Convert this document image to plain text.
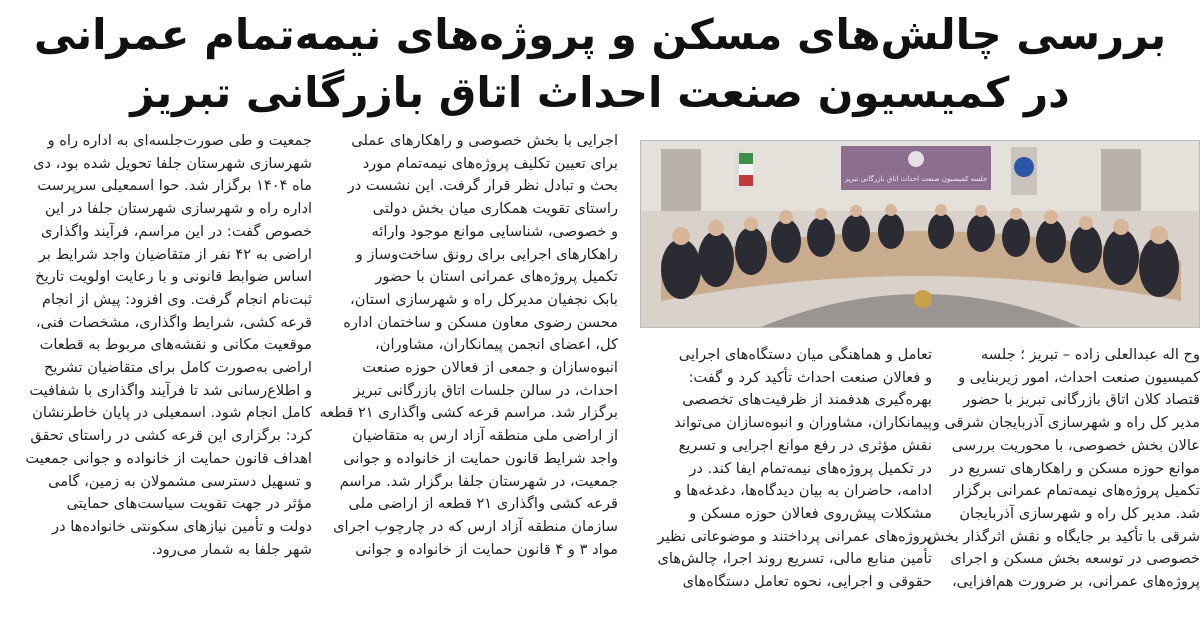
بررسی چالش‌های مسکن و پروژه‌های نیمه‌تمام عمرانی
در کمیسیون صنعت احداث اتاق بازرگانی تبریز
جلسه کمیسیون صنعت احداث اتاق بازرگانی تبریز
وح اله عبدالعلی زاده – تبریز ؛ جلسه
کمیسیون صنعت احداث، امور زیربنایی و
قتصاد کلان اتاق بازرگانی تبریز با حضور
مدیر کل راه و شهرسازی آذربایجان شرقی و
عالان بخش خصوصی، با محوریت بررسی
موانع حوزه مسکن و راهکارهای تسریع در
تکمیل پروژه‌های نیمه‌تمام عمرانی برگزار
شد. مدیر کل راه و شهرسازی آذربایجان
شرقی با تأکید بر جایگاه و نقش اثرگذار بخش
خصوصی در توسعه بخش مسکن و اجرای
پروژه‌های عمرانی، بر ضرورت هم‌افزایی،
تعامل و هماهنگی میان دستگاه‌های اجرایی
و فعالان صنعت احداث تأکید کرد و گفت:
بهره‌گیری هدفمند از ظرفیت‌های تخصصی
پیمانکاران، مشاوران و انبوه‌سازان می‌تواند
نقش مؤثری در رفع موانع اجرایی و تسریع
در تکمیل پروژه‌های نیمه‌تمام ایفا کند. در
ادامه، حاضران به بیان دیدگاه‌ها، دغدغه‌ها و
مشکلات پیش‌روی فعالان حوزه مسکن و
پروژه‌های عمرانی پرداختند و موضوعاتی نظیر
تأمین منابع مالی، تسریع روند اجرا، چالش‌های
حقوقی و اجرایی، نحوه تعامل دستگاه‌های
اجرایی با بخش خصوصی و راهکارهای عملی
برای تعیین تکلیف پروژه‌های نیمه‌تمام مورد
بحث و تبادل نظر قرار گرفت. این نشست در
راستای تقویت همکاری میان بخش دولتی
و خصوصی، شناسایی موانع موجود وارائه
راهکارهای اجرایی برای رونق ساخت‌وساز و
تکمیل پروژه‌های عمرانی استان با حضور
بابک نجفیان مدیرکل راه و شهرسازی استان،
محسن رضوی معاون مسکن و ساختمان اداره
کل، اعضای انجمن پیمانکاران، مشاوران،
انبوه‌سازان و جمعی از فعالان حوزه صنعت
احداث، در سالن جلسات اتاق بازرگانی تبریز
برگزار شد. مراسم قرعه کشی واگذاری ۲۱ قطعه
از اراضی ملی منطقه آزاد ارس به متقاضیان
واجد شرایط قانون حمایت از خانواده و جوانی
جمعیت، در شهرستان جلفا برگزار شد. مراسم
قرعه کشی واگذاری ۲۱ قطعه از اراضی ملی
سازمان منطقه آزاد ارس که در چارچوب اجرای
مواد ۳ و ۴ قانون حمایت از خانواده و جوانی
جمعیت و طی صورت‌جلسه‌ای به اداره راه و
شهرسازی شهرستان جلفا تحویل شده بود، دی
ماه ۱۴۰۴ برگزار شد. حوا اسمعیلی سرپرست
اداره راه و شهرسازی شهرستان جلفا در این
خصوص گفت: در این مراسم، فرآیند واگذاری
اراضی به ۴۲ نفر از متقاضیان واجد شرایط بر
اساس ضوابط قانونی و با رعایت اولویت تاریخ
ثبت‌نام انجام گرفت. وی افزود: پیش از انجام
قرعه کشی، شرایط واگذاری، مشخصات فنی،
موقعیت مکانی و نقشه‌های مربوط به قطعات
اراضی به‌صورت کامل برای متقاضیان تشریح
و اطلاع‌رسانی شد تا فرآیند واگذاری با شفافیت
کامل انجام شود. اسمعیلی در پایان خاطرنشان
کرد: برگزاری این قرعه کشی در راستای تحقق
اهداف قانون حمایت از خانواده و جوانی جمعیت
و تسهیل دسترسی مشمولان به زمین، گامی
مؤثر در جهت تقویت سیاست‌های حمایتی
دولت و تأمین نیازهای سکونتی خانواده‌ها در
شهر جلفا به شمار می‌رود.
